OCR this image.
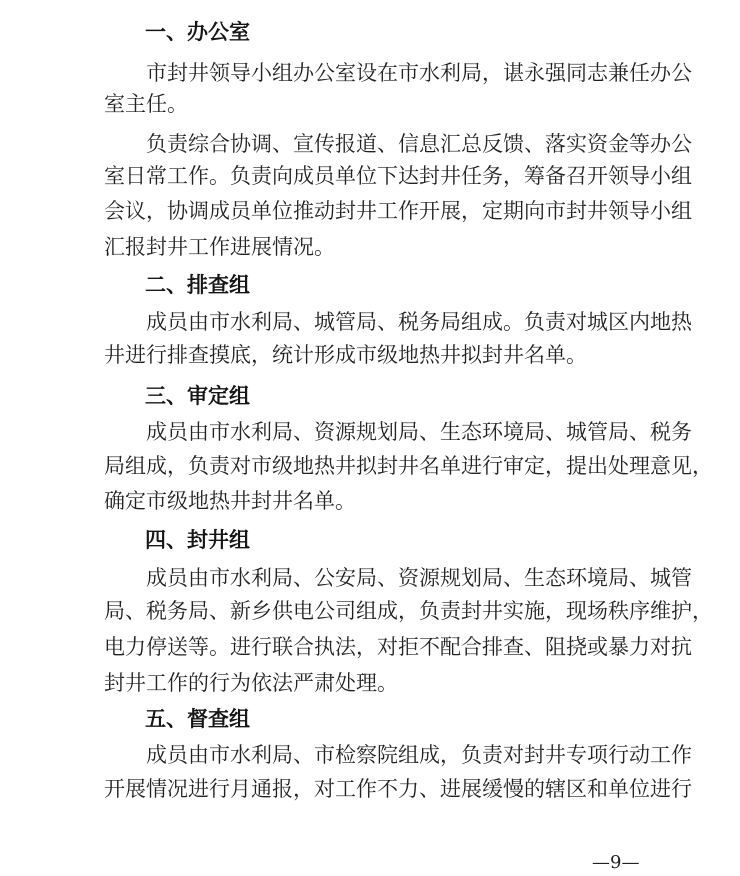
一、办公室
市封井领导小组办公室设在市水利局，谌永强同志兼任办公
室主任。
负责综合协调、宣传报道、信息汇总反馈、落实资金等办公
室日常工作。负责向成员单位下达封井任务，筹备召开领导小组
会议，协调成员单位推动封井工作开展，定期向市封井领导小组
汇报封井工作进展情况。
二、排查组
成员由市水利局、城管局、税务局组成。负责对城区内地热
井进行排查摸底，统计形成市级地热井拟封井名单。
三、审定组
成员由市水利局、资源规划局、生态环境局、城管局、税务
局组成，负责对市级地热井拟封井名单进行审定，提出处理意见，
确定市级地热井封井名单。
四、封井组
成员由市水利局、公安局、资源规划局、生态环境局、城管
局、税务局、新乡供电公司组成，负责封井实施，现场秩序维护，
电力停送等。进行联合执法，对拒不配合排查、阻挠或暴力对抗
封井工作的行为依法严肃处理。
五、督查组
成员由市水利局、市检察院组成，负责对封井专项行动工作
开展情况进行月通报，对工作不力、进展缓慢的辖区和单位进行
—9—
